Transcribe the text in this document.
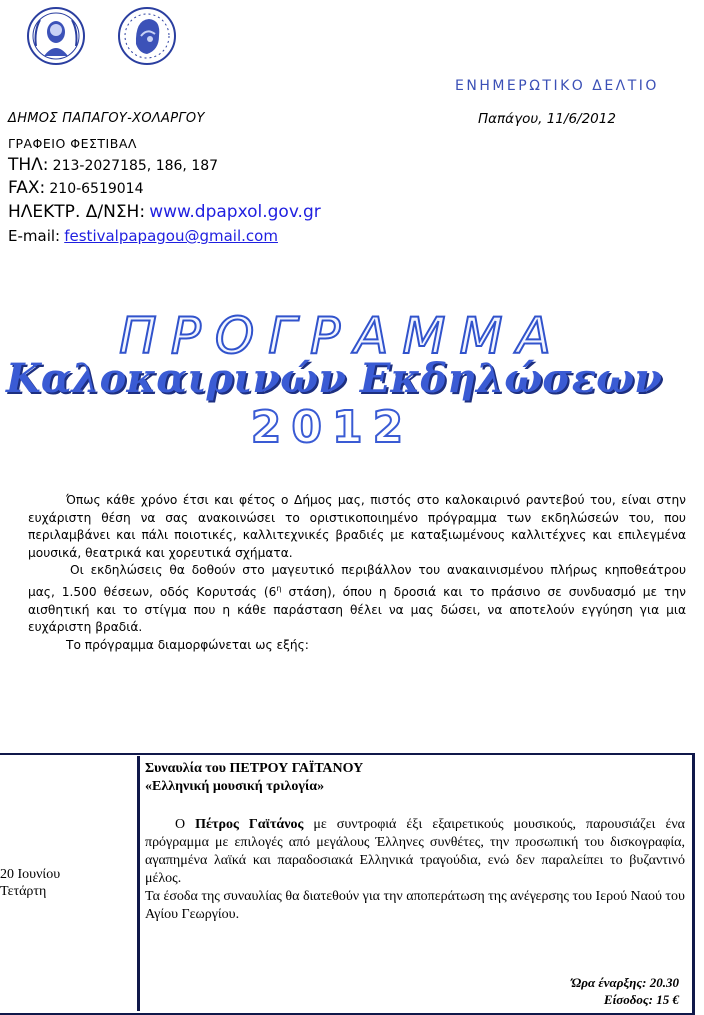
ΕΝΗΜΕΡΩΤΙΚΟ ΔΕΛΤΙΟ
ΔΗΜΟΣ ΠΑΠΑΓΟΥ-ΧΟΛΑΡΓΟΥ	Παπάγου, 11/6/2012
ΓΡΑΦΕΙΟ ΦΕΣΤΙΒΑΛ
ΤΗΛ: 213-2027185, 186, 187
FAX: 210-6519014
ΗΛΕΚΤΡ. Δ/ΝΣΗ: www.dpapxol.gov.gr
E-mail: festivalpapagou@gmail.com
ΠΡΟΓΡΑΜΜΑ
Καλοκαιρινών Εκδηλώσεων
2012

Όπως κάθε χρόνο έτσι και φέτος ο Δήμος μας, πιστός στο καλοκαιρινό ραντεβού του, είναι στην ευχάριστη θέση να σας ανακοινώσει το οριστικοποιημένο πρόγραμμα των εκδηλώσεών του, που περιλαμβάνει και πάλι ποιοτικές, καλλιτεχνικές βραδιές με καταξιωμένους καλλιτέχνες και επιλεγμένα μουσικά, θεατρικά και χορευτικά σχήματα.

Οι εκδηλώσεις θα δοθούν στο μαγευτικό περιβάλλον του ανακαινισμένου πλήρως κηποθεάτρου μας, 1.500 θέσεων, οδός Κορυτσάς ($6^\eta$ στάση), όπου η δροσιά και το πράσινο σε συνδυασμό με την αισθητική και το στίγμα που η κάθε παράσταση θέλει να μας δώσει, να αποτελούν εγγύηση για μια ευχάριστη βραδιά.

Το πρόγραμμα διαμορφώνεται ως εξής:

20 Ιουνίου
Τετάρτη
Συναυλία του ΠΕΤΡΟΥ ΓΑΪΤΑΝΟΥ
«Ελληνική μουσική τριλογία»

Ο Πέτρος Γαϊτάνος με συντροφιά έξι εξαιρετικούς μουσικούς, παρουσιάζει ένα πρόγραμμα με επιλογές από μεγάλους Έλληνες συνθέτες, την προσωπική του δισκογραφία, αγαπημένα λαϊκά και παραδοσιακά Ελληνικά τραγούδια, ενώ δεν παραλείπει το βυζαντινό μέλος.

Τα έσοδα της συναυλίας θα διατεθούν για την αποπεράτωση της ανέγερσης του Ιερού Ναού του Αγίου Γεωργίου.

Ώρα έναρξης: 20.30
Είσοδος: 15 €
